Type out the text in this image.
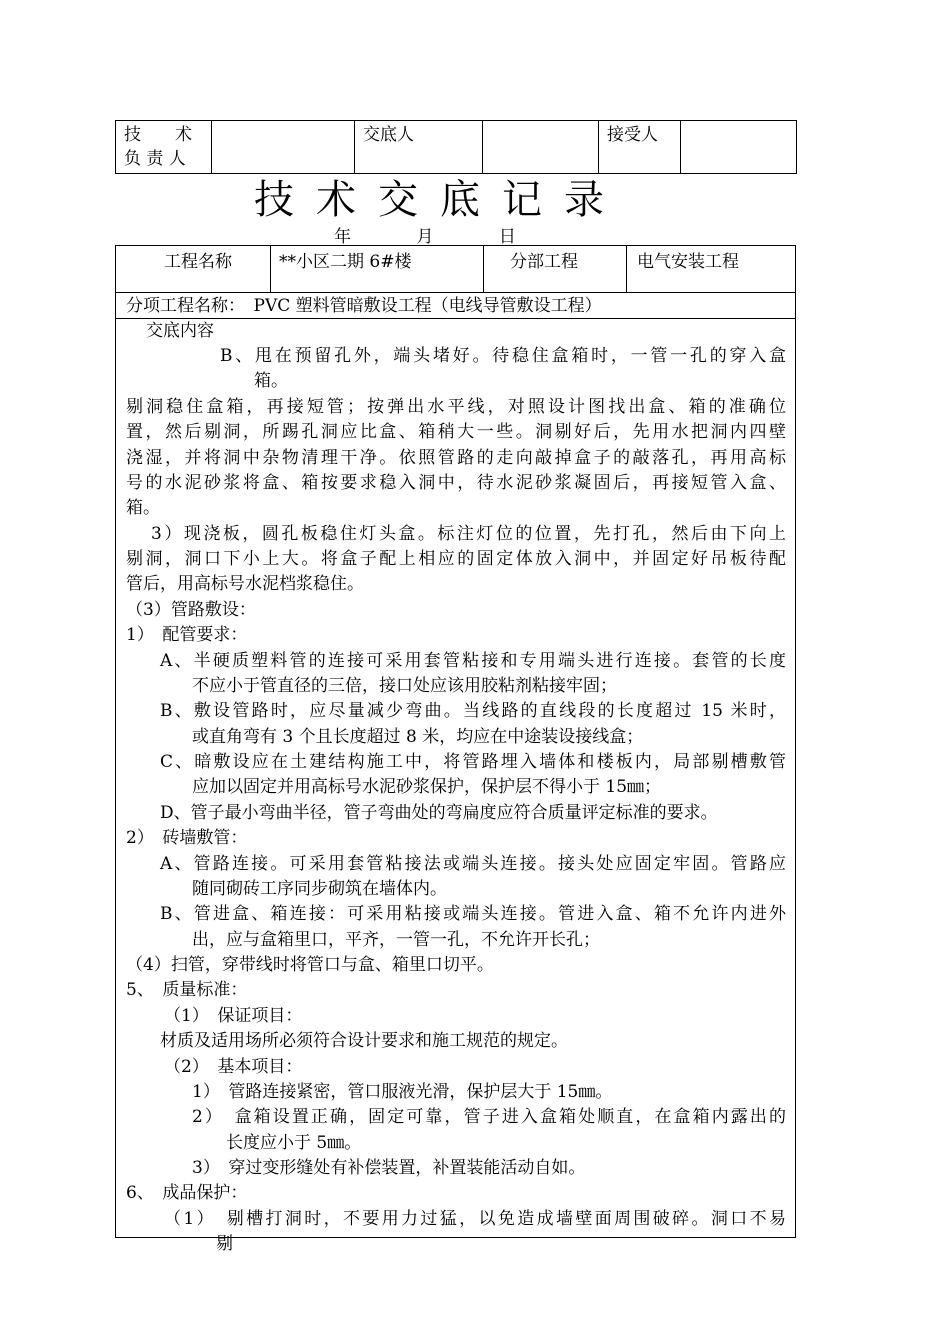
技　　术
负 责 人
		交底人		接受人	
技术交底记录
年 月 日
工程名称	**小区二期 6#楼	分部工程	电气安装工程
分项工程名称：　PVC 塑料管暗敷设工程（电线导管敷设工程）
交底内容
B、甩在预留孔外，端头堵好。待稳住盒箱时，一管一孔的穿入盒
箱。
剔洞稳住盒箱，再接短管；按弹出水平线，对照设计图找出盒、箱的准确位
置，然后剔洞，所踢孔洞应比盒、箱稍大一些。洞剔好后，先用水把洞内四壁
浇湿，并将洞中杂物清理干净。依照管路的走向敲掉盒子的敲落孔，再用高标
号的水泥砂浆将盒、箱按要求稳入洞中，待水泥砂浆凝固后，再接短管入盒、
箱。
3）现浇板，圆孔板稳住灯头盒。标注灯位的位置，先打孔，然后由下向上
剔洞，洞口下小上大。将盒子配上相应的固定体放入洞中，并固定好吊板待配
管后，用高标号水泥档浆稳住。
（3）管路敷设：
1）　配管要求：
A、半硬质塑料管的连接可采用套管粘接和专用端头进行连接。套管的长度
不应小于管直径的三倍，接口处应该用胶粘剂粘接牢固；
B、敷设管路时，应尽量减少弯曲。当线路的直线段的长度超过 15 米时，
或直角弯有 3 个且长度超过 8 米，均应在中途装设接线盒；
C、暗敷设应在土建结构施工中，将管路埋入墙体和楼板内，局部剔槽敷管
应加以固定并用高标号水泥砂浆保护，保护层不得小于 15㎜；
D、管子最小弯曲半径，管子弯曲处的弯扁度应符合质量评定标准的要求。
2）　砖墙敷管：
A、管路连接。可采用套管粘接法或端头连接。接头处应固定牢固。管路应
随同砌砖工序同步砌筑在墙体内。
B、管进盒、箱连接：可采用粘接或端头连接。管进入盒、箱不允许内进外
出，应与盒箱里口，平齐，一管一孔，不允许开长孔；
（4）扫管，穿带线时将管口与盒、箱里口切平。
5、　质量标准：
（1）　保证项目：
材质及适用场所必须符合设计要求和施工规范的规定。
（2）　基本项目：
1）　管路连接紧密，管口服液光滑，保护层大于 15㎜。
2）　盒箱设置正确，固定可靠，管子进入盒箱处顺直，在盒箱内露出的
长度应小于 5㎜。
3）　穿过变形缝处有补偿装置，补置装能活动自如。
6、　成品保护：
（1）　剔槽打洞时，不要用力过猛，以免造成墙壁面周围破碎。洞口不易
剔
